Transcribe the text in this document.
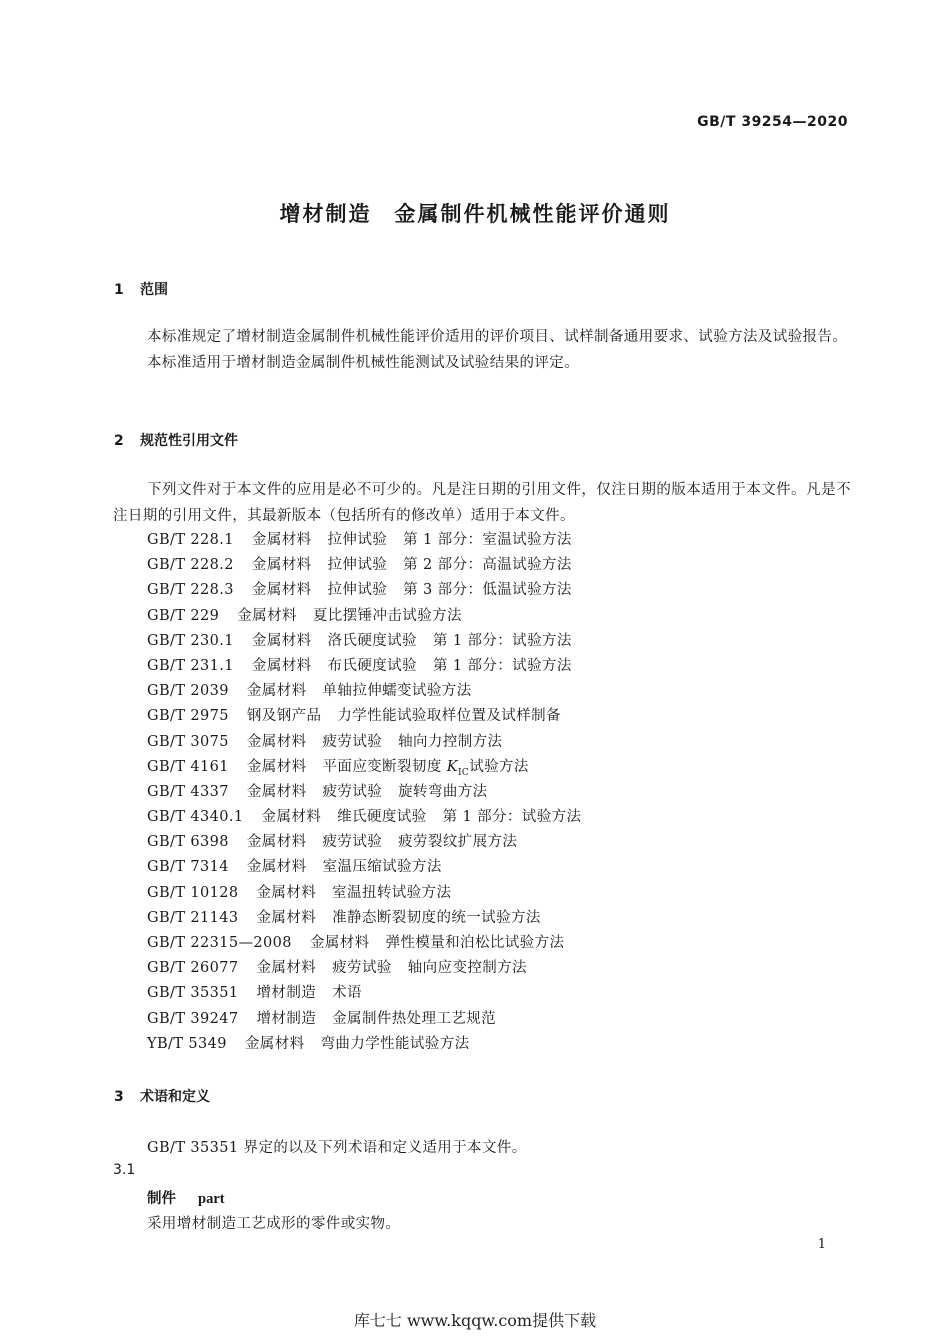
GB/T 39254—2020
增材制造　金属制件机械性能评价通则
1 范围

本标准规定了增材制造金属制件机械性能评价适用的评价项目、试样制备通用要求、试验方法及试验报告。

本标准适用于增材制造金属制件机械性能测试及试验结果的评定。

2 规范性引用文件

下列文件对于本文件的应用是必不可少的。凡是注日期的引用文件，仅注日期的版本适用于本文件。凡是不注日期的引用文件，其最新版本（包括所有的修改单）适用于本文件。

GB/T 228.1 金属材料 拉伸试验 第 1 部分：室温试验方法
GB/T 228.2 金属材料 拉伸试验 第 2 部分：高温试验方法
GB/T 228.3 金属材料 拉伸试验 第 3 部分：低温试验方法
GB/T 229 金属材料 夏比摆锤冲击试验方法
GB/T 230.1 金属材料 洛氏硬度试验 第 1 部分：试验方法
GB/T 231.1 金属材料 布氏硬度试验 第 1 部分：试验方法
GB/T 2039 金属材料 单轴拉伸蠕变试验方法
GB/T 2975 钢及钢产品 力学性能试验取样位置及试样制备
GB/T 3075 金属材料 疲劳试验 轴向力控制方法
GB/T 4161 金属材料 平面应变断裂韧度 $K_{IC}$试验方法
GB/T 4337 金属材料 疲劳试验 旋转弯曲方法
GB/T 4340.1 金属材料 维氏硬度试验 第 1 部分：试验方法
GB/T 6398 金属材料 疲劳试验 疲劳裂纹扩展方法
GB/T 7314 金属材料 室温压缩试验方法
GB/T 10128 金属材料 室温扭转试验方法
GB/T 21143 金属材料 准静态断裂韧度的统一试验方法
GB/T 22315—2008 金属材料 弹性模量和泊松比试验方法
GB/T 26077 金属材料 疲劳试验 轴向应变控制方法
GB/T 35351 增材制造 术语
GB/T 39247 增材制造 金属制件热处理工艺规范
YB/T 5349 金属材料 弯曲力学性能试验方法
3 术语和定义
GB/T 35351 界定的以及下列术语和定义适用于本文件。
3.1
制件 part
采用增材制造工艺成形的零件或实物。
1
库七七 www.kqqw.com提供下载
